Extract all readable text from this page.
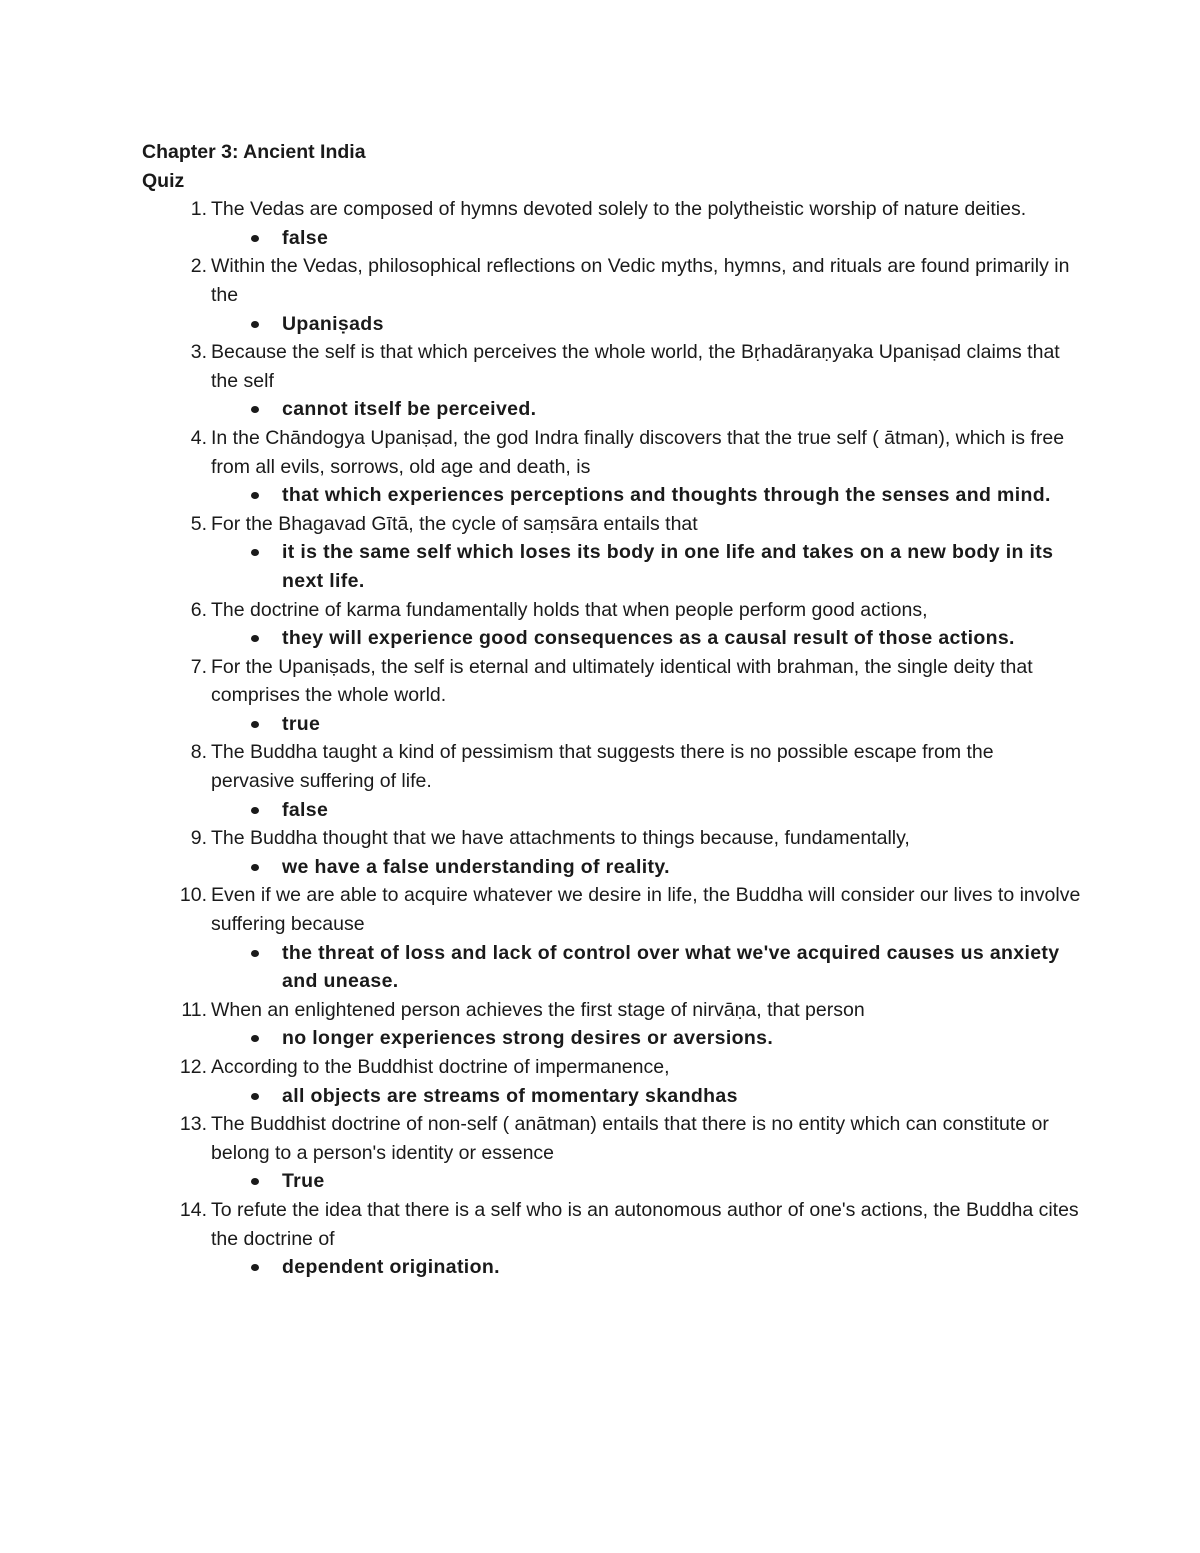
Chapter 3: Ancient India
Quiz
1 . The Vedas are composed of hymns devoted solely to the polytheistic worship of nature deities.
false
2 . Within the Vedas, philosophical reflections on Vedic myths, hymns, and rituals are found primarily in the
Upaniṣads
3 . Because the self is that which perceives the whole world, the Bṛhadāraṇyaka Upaniṣad claims that the self
cannot itself be perceived.
4 . In the Chāndogya Upaniṣad, the god Indra finally discovers that the true self ( ātman), which is free from all evils, sorrows, old age and death, is
that which experiences perceptions and thoughts through the senses and mind.
5 . For the Bhagavad Gītā, the cycle of saṃsāra entails that
it is the same self which loses its body in one life and takes on a new body in its next life.
6 . The doctrine of karma fundamentally holds that when people perform good actions,
they will experience good consequences as a causal result of those actions.
7 . For the Upaniṣads, the self is eternal and ultimately identical with brahman, the single deity that comprises the whole world.
true
8 . The Buddha taught a kind of pessimism that suggests there is no possible escape from the pervasive suffering of life.
false
9 . The Buddha thought that we have attachments to things because, fundamentally,
we have a false understanding of reality.
10 . Even if we are able to acquire whatever we desire in life, the Buddha will consider our lives to involve suffering because
the threat of loss and lack of control over what we've acquired causes us anxiety and unease.
11 . When an enlightened person achieves the first stage of nirvāṇa, that person
no longer experiences strong desires or aversions.
12 . According to the Buddhist doctrine of impermanence,
all objects are streams of momentary skandhas
13 . The Buddhist doctrine of non-self ( anātman) entails that there is no entity which can constitute or belong to a person's identity or essence
True
14 . To refute the idea that there is a self who is an autonomous author of one's actions, the Buddha cites the doctrine of
dependent origination.
